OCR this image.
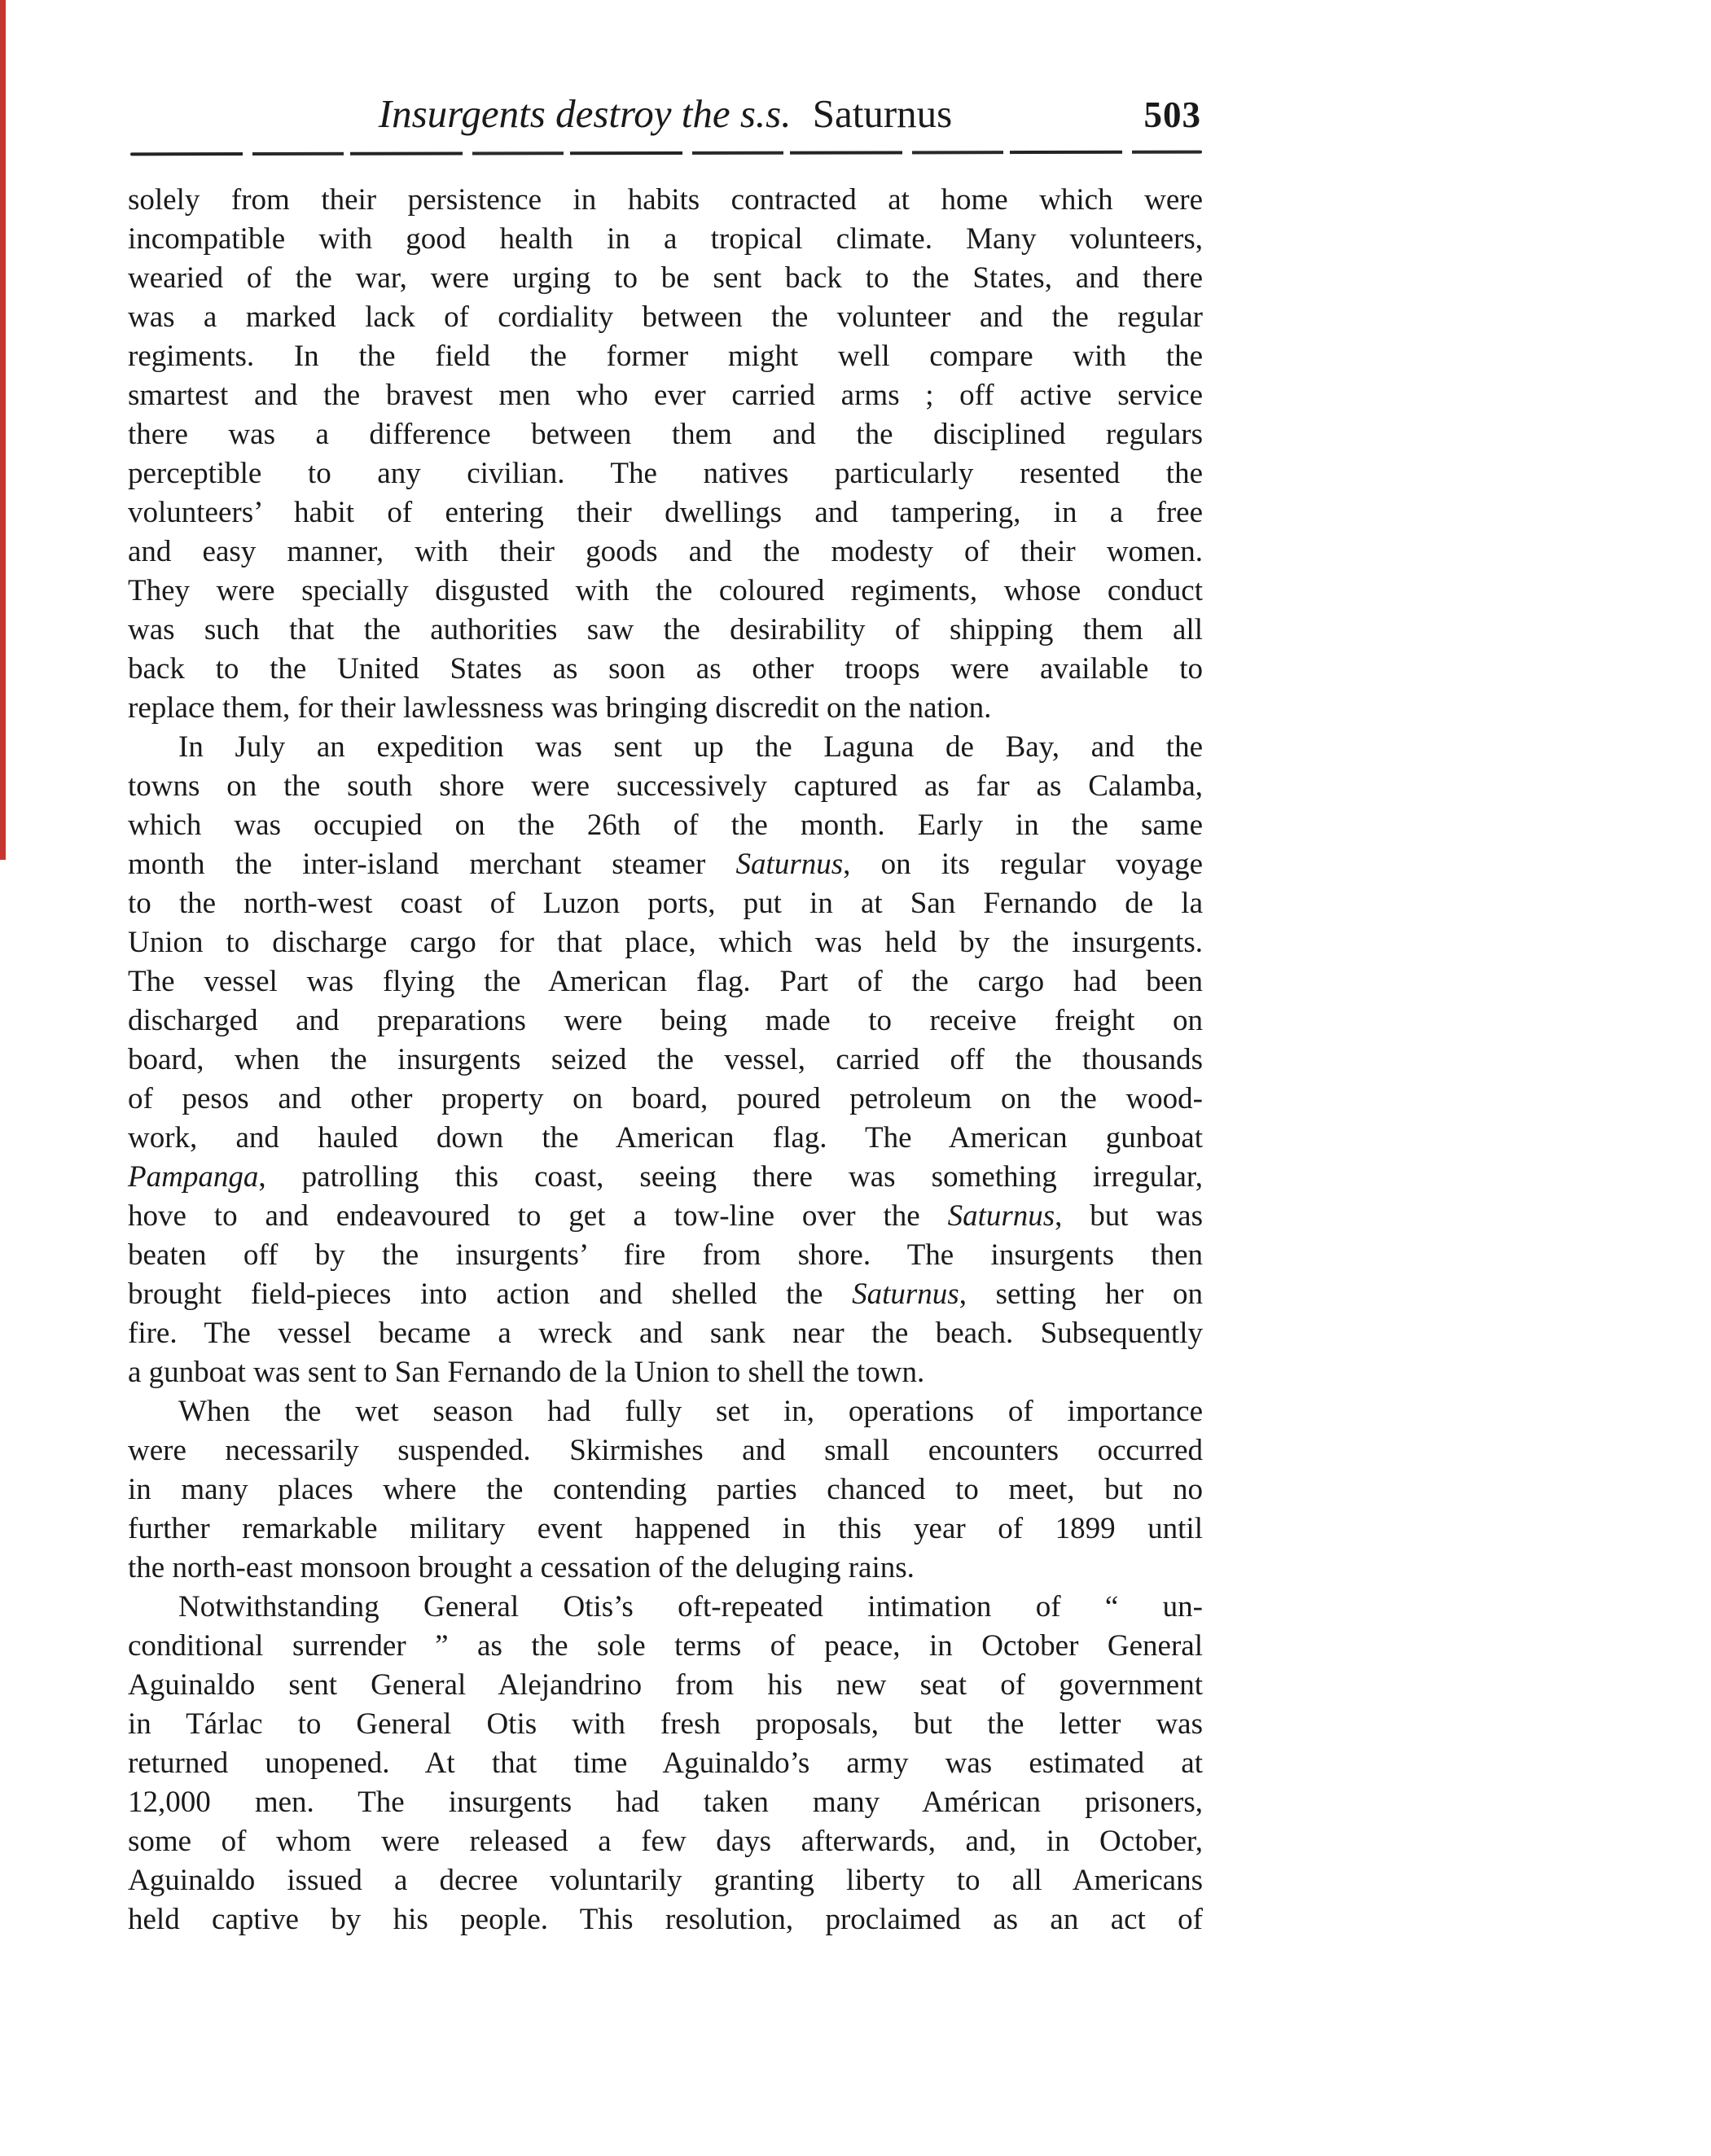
Insurgents destroy the s.s. Saturnus	503
solely from their persistence in habits contracted at home which were
incompatible with good health in a tropical climate. Many volunteers,
wearied of the war, were urging to be sent back to the States, and there
was a marked lack of cordiality between the volunteer and the regular
regiments. In the field the former might well compare with the
smartest and the bravest men who ever carried arms ; off active service
there was a difference between them and the disciplined regulars
perceptible to any civilian. The natives particularly resented the
volunteers’ habit of entering their dwellings and tampering, in a free
and easy manner, with their goods and the modesty of their women.
They were specially disgusted with the coloured regiments, whose conduct
was such that the authorities saw the desirability of shipping them all
back to the United States as soon as other troops were available to
replace them, for their lawlessness was bringing discredit on the nation.
In July an expedition was sent up the Laguna de Bay, and the
towns on the south shore were successively captured as far as Calamba,
which was occupied on the 26th of the month. Early in the same
month the inter-island merchant steamer Saturnus, on its regular voyage
to the north-west coast of Luzon ports, put in at San Fernando de la
Union to discharge cargo for that place, which was held by the insurgents.
The vessel was flying the American flag. Part of the cargo had been
discharged and preparations were being made to receive freight on
board, when the insurgents seized the vessel, carried off the thousands
of pesos and other property on board, poured petroleum on the wood-
work, and hauled down the American flag. The American gunboat
Pampanga, patrolling this coast, seeing there was something irregular,
hove to and endeavoured to get a tow-line over the Saturnus, but was
beaten off by the insurgents’ fire from shore. The insurgents then
brought field-pieces into action and shelled the Saturnus, setting her on
fire. The vessel became a wreck and sank near the beach. Subsequently
a gunboat was sent to San Fernando de la Union to shell the town.
When the wet season had fully set in, operations of importance
were necessarily suspended. Skirmishes and small encounters occurred
in many places where the contending parties chanced to meet, but no
further remarkable military event happened in this year of 1899 until
the north-east monsoon brought a cessation of the deluging rains.
Notwithstanding General Otis’s oft-repeated intimation of “ un-
conditional surrender ” as the sole terms of peace, in October General
Aguinaldo sent General Alejandrino from his new seat of government
in Tárlac to General Otis with fresh proposals, but the letter was
returned unopened. At that time Aguinaldo’s army was estimated at
12,000 men. The insurgents had taken many Américan prisoners,
some of whom were released a few days afterwards, and, in October,
Aguinaldo issued a decree voluntarily granting liberty to all Americans
held captive by his people. This resolution, proclaimed as an act of
